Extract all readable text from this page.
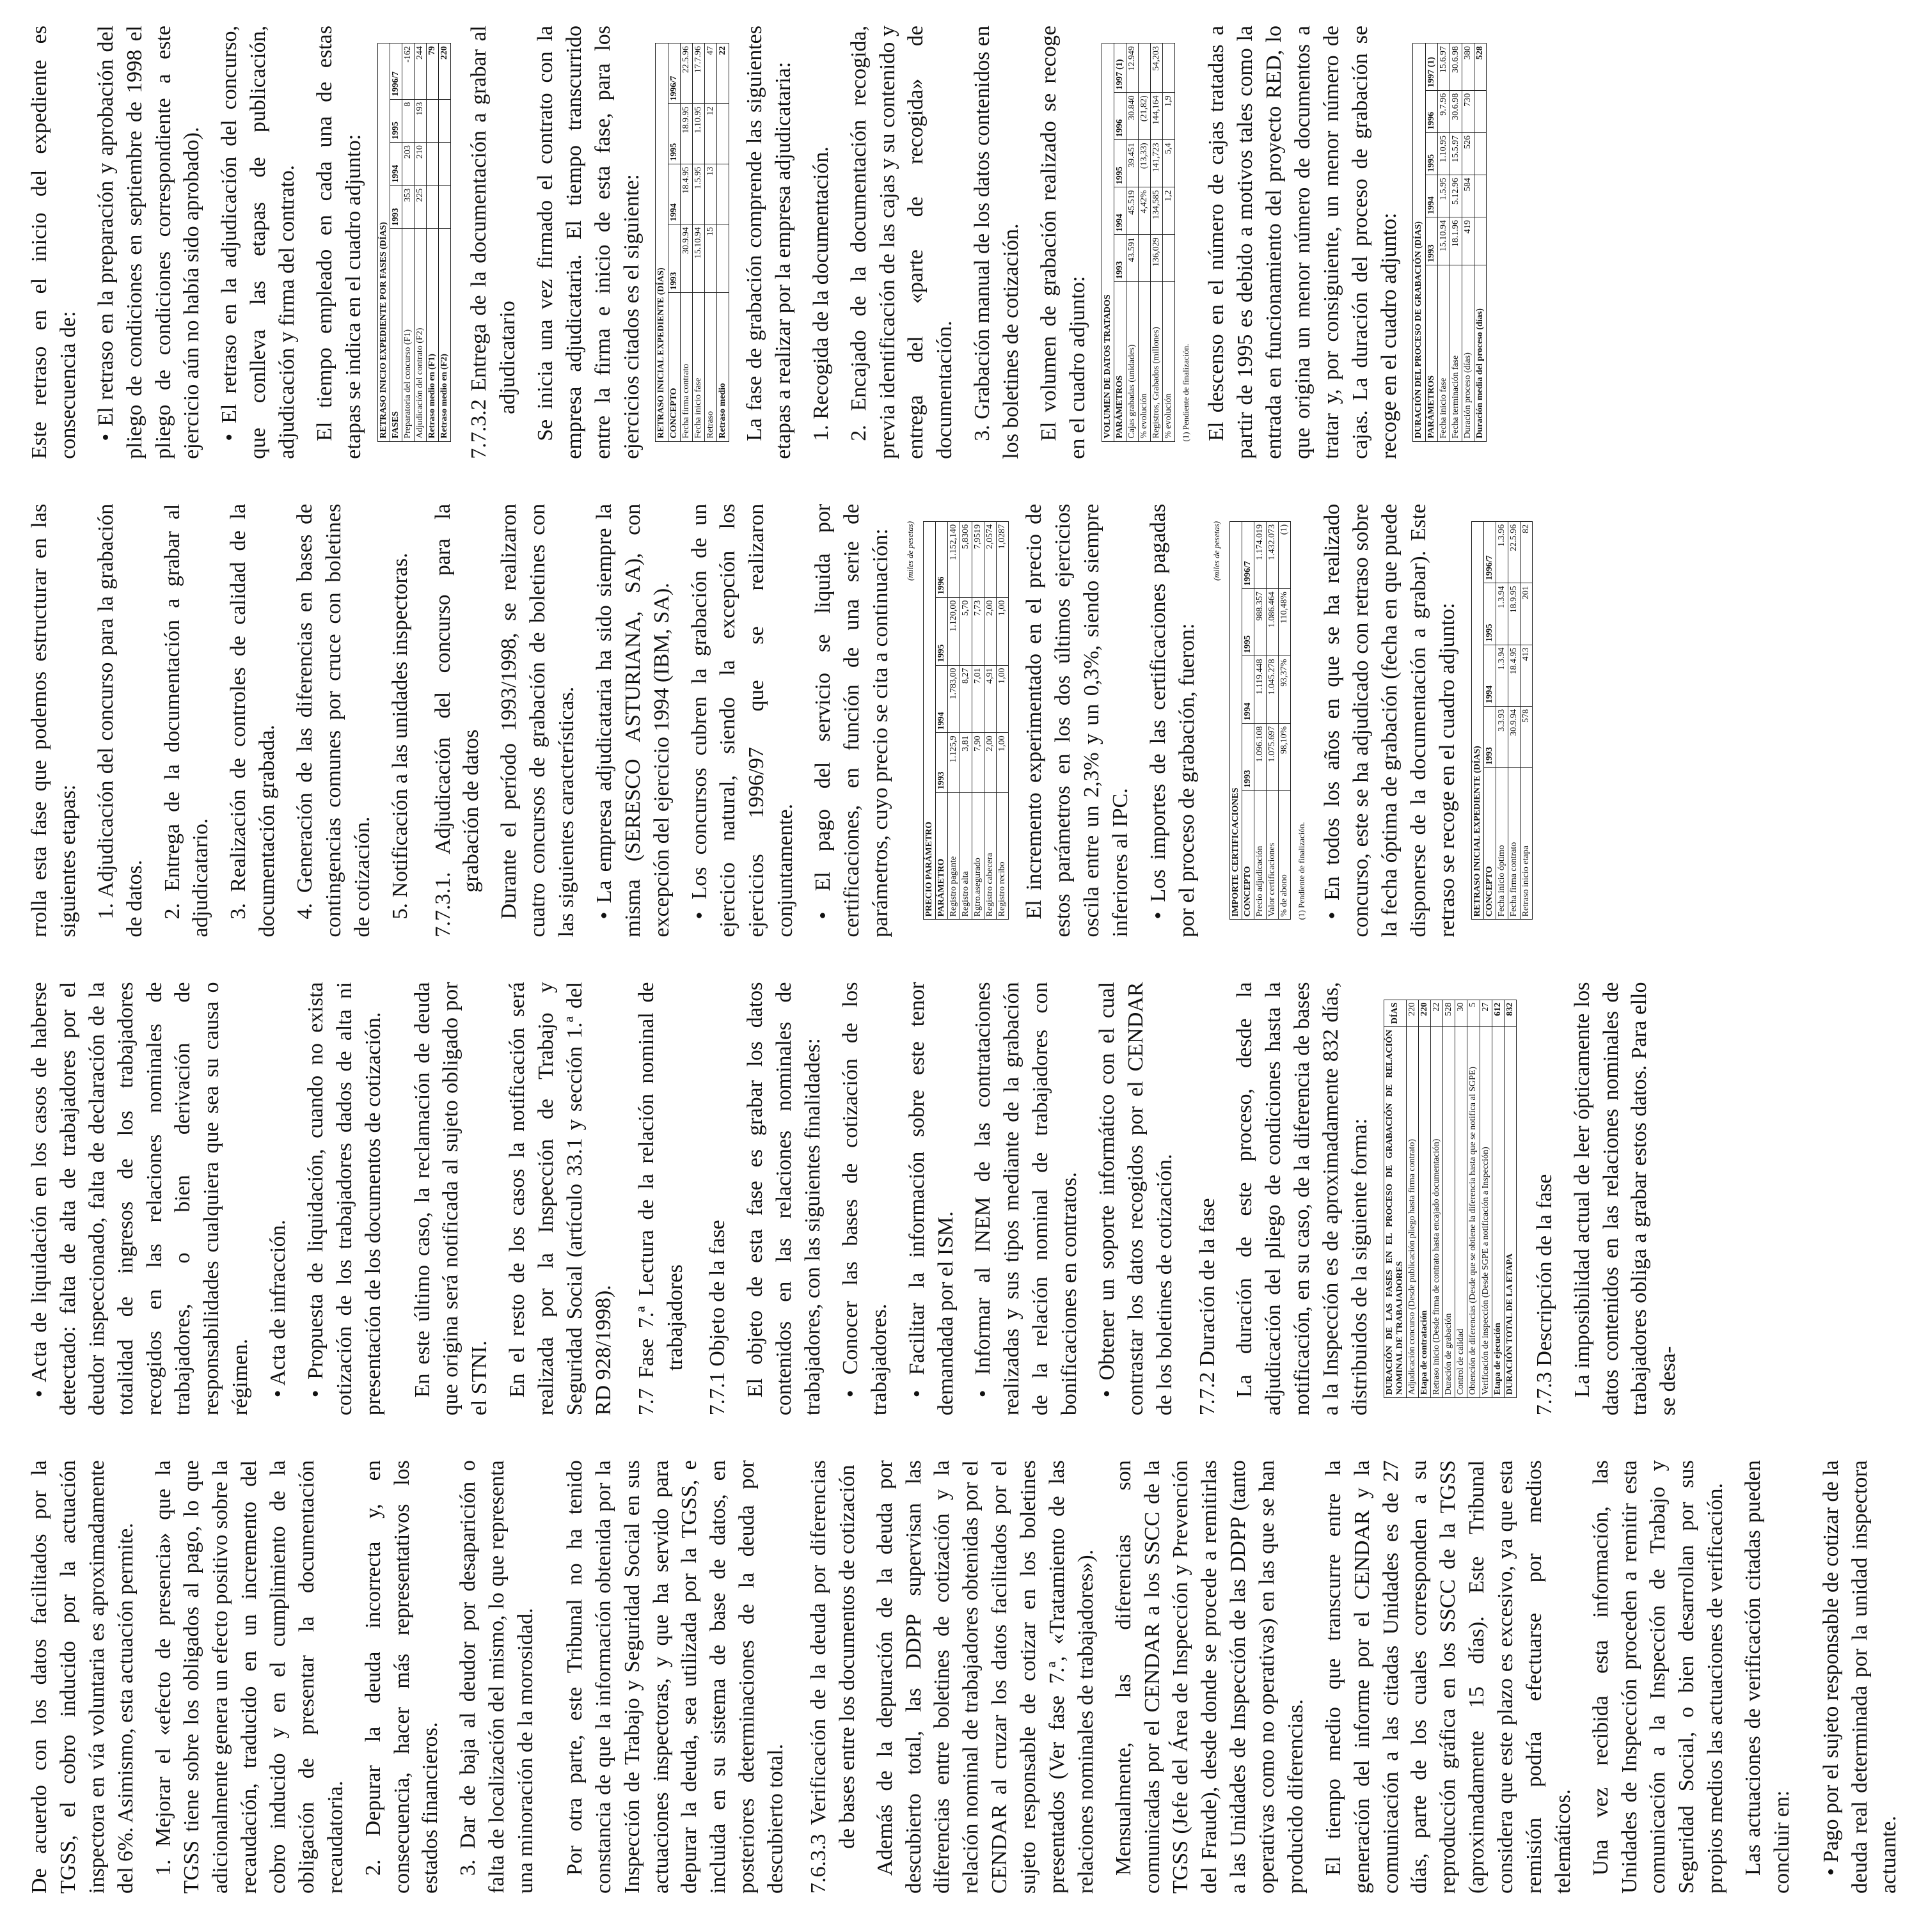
De acuerdo con los datos facilitados por la TGSS, el cobro inducido por la actuación inspectora en vía voluntaria es aproximadamente del 6%. Asimismo, esta actuación permite. 1. Mejorar el «efecto de presencia» que la TGSS tiene sobre los obligados al pago, lo que adicionalmente genera un efecto positivo sobre la recaudación, traducido en un incremento del cobro inducido y en el cumplimiento de la obligación de presentar la documentación recaudatoria. 2. Depurar la deuda incorrecta y, en consecuencia, hacer más representativos los estados financieros. 3. Dar de baja al deudor por desaparición o falta de localización del mismo, lo que representa una minoración de la morosidad. Por otra parte, este Tribunal no ha tenido constancia de que la información obtenida por la Inspección de Trabajo y Seguridad Social en sus actuaciones inspectoras, y que ha servido para depurar la deuda, sea utilizada por la TGSS, e incluida en su sistema de base de datos, en posteriores determinaciones de la deuda por descubierto total. 7.6.3.3 Verificación de la deuda por diferencias de bases entre los documentos de cotización Además de la depuración de la deuda por descubierto total, las DDPP supervisan las diferencias entre boletines de cotización y la relación nominal de trabajadores obtenidas por el CENDAR al cruzar los datos facilitados por el sujeto responsable de cotizar en los boletines presentados (Ver fase 7.ª, «Tratamiento de las relaciones nominales de trabajadores»). Mensualmente, las diferencias son comunicadas por el CENDAR a los SSCC de la TGSS (Jefe del Área de Inspección y Prevención del Fraude), desde donde se procede a remitirlas a las Unidades de Inspección de las DDPP (tanto operativas como no operativas) en las que se han producido diferencias. El tiempo medio que transcurre entre la generación del informe por el CENDAR y la comunicación a las citadas Unidades es de 27 días, parte de los cuales corresponden a su reproducción gráfica en los SSCC de la TGSS (aproximadamente 15 días). Este Tribunal considera que este plazo es excesivo, ya que esta remisión podría efectuarse por medios telemáticos. Una vez recibida esta información, las Unidades de Inspección proceden a remitir esta comunicación a la Inspección de Trabajo y Seguridad Social, o bien desarrollan por sus propios medios las actuaciones de verificación. Las actuaciones de verificación citadas pueden concluir en: • Pago por el sujeto responsable de cotizar de la deuda real determinada por la unidad inspectora actuante.

• Acta de liquidación en los casos de haberse detectado: falta de alta de trabajadores por el deudor inspeccionado, falta de declaración de la totalidad de ingresos de los trabajadores recogidos en las relaciones nominales de trabajadores, o bien derivación de responsabilidades cualquiera que sea su causa o régimen. • Acta de infracción. • Propuesta de liquidación, cuando no exista cotización de los trabajadores dados de alta ni presentación de los documentos de cotización. En este último caso, la reclamación de deuda que origina será notificada al sujeto obligado por el STNI. En el resto de los casos la notificación será realizada por la Inspección de Trabajo y Seguridad Social (artículo 33.1 y sección 1.ª del RD 928/1998). 7.7 Fase 7.ª Lectura de la relación nominal de trabajadores 7.7.1 Objeto de la fase El objeto de esta fase es grabar los datos contenidos en las relaciones nominales de trabajadores, con las siguientes finalidades: • Conocer las bases de cotización de los trabajadores. • Facilitar la información sobre este tenor demandada por el ISM. • Informar al INEM de las contrataciones realizadas y sus tipos mediante de la grabación de la relación nominal de trabajadores con bonificaciones en contratos. • Obtener un soporte informático con el cual contrastar los datos recogidos por el CENDAR de los boletines de cotización. 7.7.2 Duración de la fase La duración de este proceso, desde la adjudicación del pliego de condiciones hasta la notificación, en su caso, de la diferencia de bases a la Inspección es de aproximadamente 832 días, distribuidos de la siguiente forma:	DURACIÓN DE LAS FASES EN EL PROCESO DE GRABACIÓN DE RELACIÓN NOMINAL DE TRABAJADORES	DÍAS
Adjudicación concurso (Desde publicación pliego hasta firma contrato)	220
Etapa de contratación	220
Retraso inicio (Desde firma de contrato hasta encajado documentación)	22
Duración de grabación	528
Control de calidad	30
Obtención de diferencias (Desde que se obtiene la diferencia hasta que se notifica al SGPE)	5
Verificación de inspección (Desde SGPE a notificación a Inspección)	27
Etapa de ejecución	612
DURACIÓN TOTAL DE LA ETAPA	832
7.7.3 Descripción de la fase La imposibilidad actual de leer ópticamente los datos contenidos en las relaciones nominales de trabajadores obliga a grabar estos datos. Para ello se desa-

rrolla esta fase que podemos estructurar en las siguientes etapas: 1. Adjudicación del concurso para la grabación de datos. 2. Entrega de la documentación a grabar al adjudicatario. 3. Realización de controles de calidad de la documentación grabada. 4. Generación de las diferencias en bases de contingencias comunes por cruce con boletines de cotización. 5. Notificación a las unidades inspectoras. 7.7.3.1. Adjudicación del concurso para la grabación de datos Durante el período 1993/1998, se realizaron cuatro concursos de grabación de boletines con las siguientes características. • La empresa adjudicataria ha sido siempre la misma (SERESCO ASTURIANA, SA), con excepción del ejercicio 1994 (IBM, SA). • Los concursos cubren la grabación de un ejercicio natural, siendo la excepción los ejercicios 1996/97 que se realizaron conjuntamente. • El pago del servicio se liquida por certificaciones, en función de una serie de parámetros, cuyo precio se cita a continuación:	(miles de pesetas)
PRECIO PARÁMETRO				
PARÁMETRO	1993	1994	1995	1996
Registro pagante	1.125,9	1.783,00	1.120,00	1.152,140
Registro alta	3,81	8,27	5,70	5,8306
Rgtro.asegurado	7,90	7,01	7,73	7,9519
Registro cabecera	2,00	4,91	2,00	2,0574
Registro recibo	1,00	1,00	1,00	1,0287 El incremento experimentado en el precio de estos parámetros en los dos últimos ejercicios oscila entre un 2,3% y un 0,3%, siendo siempre inferiores al IPC. • Los importes de las certificaciones pagadas por el proceso de grabación, fueron:

(miles de pesetas)
IMPORTE CERTIFICACIONES				
CONCEPTO	1993	1994	1995	1996/7
Precio adjudicación	1.096.108	1.119.448	988.357	1.174.019
Valor certificaciones	1.075.697	1.045.278	1.086.464	1.432.073
% de abono	98,10%	93,37%	110,48%	(1)

(1) Pendiente de finalización. • En todos los años en que se ha realizado concurso, este se ha adjudicado con retraso sobre la fecha óptima de grabación (fecha en que puede disponerse de la documentación a grabar). Este retraso se recoge en el cuadro adjunto:	RETRASO INICIAL EXPEDIENTE (DÍAS)				
CONCEPTO	1993	1994	1995	1996/7
Fecha inicio óptimo	3.3.93	1.3.94	1.3.94	1.3.96
Fecha firma contrato	30.9.94	18.4.95	18.9.95	22.5.96
Retraso inicio etapa	578	413	201	82

Este retraso en el inicio del expediente es consecuencia de: • El retraso en la preparación y aprobación del pliego de condiciones en septiembre de 1998 el pliego de condiciones correspondiente a este ejercicio aún no había sido aprobado). • El retraso en la adjudicación del concurso, que conlleva las etapas de publicación, adjudicación y firma del contrato. El tiempo empleado en cada una de estas etapas se indica en el cuadro adjunto:	RETRASO INICIO EXPEDIENTE POR FASES (DÍAS)				
FASES	1993	1994	1995	1996/7
Preparatoria del concurso (F1)	353	203	8	-162
Adjudicación del contrato (F2)	225	210	193	244
Retraso medio en (F1)				79
Retraso medio en (F2)				220 7.7.3.2 Entrega de la documentación a grabar al adjudicatario Se inicia una vez firmado el contrato con la empresa adjudicataria. El tiempo transcurrido entre la firma e inicio de esta fase, para los ejercicios citados es el siguiente:	RETRASO INICIAL EXPEDIENTE (DÍAS)				
CONCEPTO	1993	1994	1995	1996/7
Fecha firma contrato	30.9.94	18.4.95	18.9.95	22.5.96
Fecha inicio fase	15.10.94	1.5.95	1.10.95	17.7.96
Retraso	15	13	12	47
Retraso medio				22 La fase de grabación comprende las siguientes etapas a realizar por la empresa adjudicataria: 1. Recogida de la documentación. 2. Encajado de la documentación recogida, previa identificación de las cajas y su contenido y entrega del «parte de recogida» de documentación. 3. Grabación manual de los datos contenidos en los boletines de cotización. El volumen de grabación realizado se recoge en el cuadro adjunto:	VOLUMEN DE DATOS TRATADOS					
PARÁMETROS	1993	1994	1995	1996	1997 (1)
Cajas grabadas (unidades)	43.591	45.519	39.451	30.840	12.949
% evolución		4,42%	(13,33)	(21,82)	
Registros, Grabados (millones)	136,029	134,585	141,723	144,164	54,203
% evolución		1,2	5,4	1,9	

(1) Pendiente de finalización. El descenso en el número de cajas tratadas a partir de 1995 es debido a motivos tales como la entrada en funcionamiento del proyecto RED, lo que origina un menor número de documentos a tratar y, por consiguiente, un menor número de cajas. La duración del proceso de grabación se recoge en el cuadro adjunto:	DURACIÓN DEL PROCESO DE GRABACIÓN (DÍAS)					
PARÁMETROS	1993	1994	1995	1996	1997 (1)
Fecha inicio fase	15.10.94	1.5.95	1.10.95	9.7.96	15.6.97
Fecha terminación fase	18.1.96	5.12.96	15.5.97	30.6.98	30.6.98
Duración proceso (días)	419	584	526	730	380
Duración media del proceso (días)					528
